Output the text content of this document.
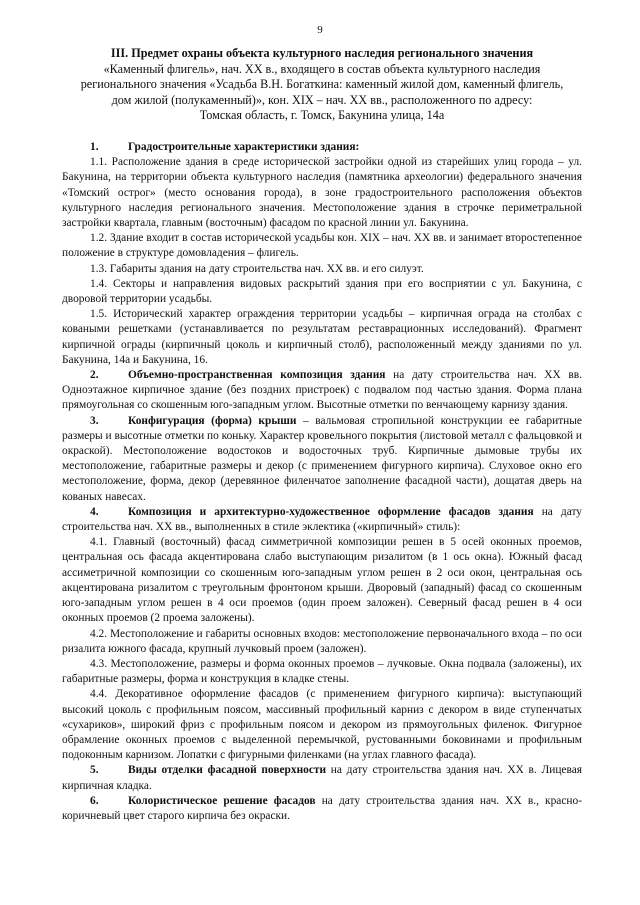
9
III. Предмет охраны объекта культурного наследия регионального значения
«Каменный флигель», нач. XX в., входящего в состав объекта культурного наследия
регионального значения «Усадьба В.Н. Богаткина: каменный жилой дом, каменный флигель,
дом жилой (полукаменный)», кон. XIX – нач. XX вв., расположенного по адресу:
Томская область, г. Томск, Бакунина улица, 14а

1.	Градостроительные характеристики здания:

1.1. Расположение здания в среде исторической застройки одной из старейших улиц города – ул. Бакунина, на территории объекта культурного наследия (памятника археологии) федерального значения «Томский острог» (место основания города), в зоне градостроительного расположения объектов культурного наследия регионального значения. Местоположение здания в строчке периметральной застройки квартала, главным (восточным) фасадом по красной линии ул. Бакунина.

1.2. Здание входит в состав исторической усадьбы кон. XIX – нач. XX вв. и занимает второстепенное положение в структуре домовладения – флигель.

1.3. Габариты здания на дату строительства нач. XX вв. и его силуэт.

1.4. Секторы и направления видовых раскрытий здания при его восприятии с ул. Бакунина, с дворовой территории усадьбы.

1.5. Исторический характер ограждения территории усадьбы – кирпичная ограда на столбах с коваными решетками (устанавливается по результатам реставрационных исследований). Фрагмент кирпичной ограды (кирпичный цоколь и кирпичный столб), расположенный между зданиями по ул. Бакунина, 14а и Бакунина, 16.

2.	Объемно-пространственная композиция здания на дату строительства нач. XX вв. Одноэтажное кирпичное здание (без поздних пристроек) с подвалом под частью здания. Форма плана прямоугольная со скошенным юго-западным углом. Высотные отметки по венчающему карнизу здания.

3.	Конфигурация (форма) крыши – вальмовая стропильной конструкции ее габаритные размеры и высотные отметки по коньку. Характер кровельного покрытия (листовой металл с фальцовкой и окраской). Местоположение водостоков и водосточных труб. Кирпичные дымовые трубы их местоположение, габаритные размеры и декор (с применением фигурного кирпича). Слуховое окно его местоположение, форма, декор (деревянное филенчатое заполнение фасадной части), дощатая дверь на кованых навесах.

4.	Композиция и архитектурно-художественное оформление фасадов здания на дату строительства нач. XX вв., выполненных в стиле эклектика («кирпичный» стиль):

4.1. Главный (восточный) фасад симметричной композиции решен в 5 осей оконных проемов, центральная ось фасада акцентирована слабо выступающим ризалитом (в 1 ось окна). Южный фасад ассиметричной композиции со скошенным юго-западным углом решен в 2 оси окон, центральная ось акцентирована ризалитом с треугольным фронтоном крыши. Дворовый (западный) фасад со скошенным юго-западным углом решен в 4 оси проемов (один проем заложен). Северный фасад решен в 4 оси оконных проемов (2 проема заложены).

4.2. Местоположение и габариты основных входов: местоположение первоначального входа – по оси ризалита южного фасада, крупный лучковый проем (заложен).

4.3. Местоположение, размеры и форма оконных проемов – лучковые. Окна подвала (заложены), их габаритные размеры, форма и конструкция в кладке стены.

4.4. Декоративное оформление фасадов (с применением фигурного кирпича): выступающий высокий цоколь с профильным поясом, массивный профильный карниз с декором в виде ступенчатых «сухариков», широкий фриз с профильным поясом и декором из прямоугольных филенок. Фигурное обрамление оконных проемов с выделенной перемычкой, рустованными боковинами и профильным подоконным карнизом. Лопатки с фигурными филенками (на углах главного фасада).

5.	Виды отделки фасадной поверхности на дату строительства здания нач. XX в. Лицевая кирпичная кладка.

6.	Колористическое решение фасадов на дату строительства здания нач. XX в., красно-коричневый цвет старого кирпича без окраски.
